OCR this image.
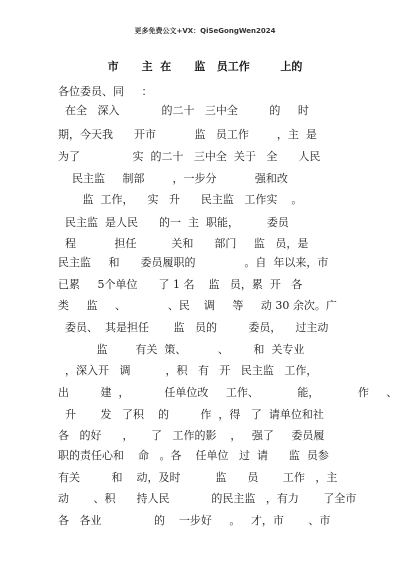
更多免费公文+VX：QiSeGongWen2024
市      主  在      监   员工作        上的
各位委员、同     ：
在全   深入            的二十   三中全         的     时
期，今天我      开市           监   员工作        ，主  是
为了               实  的二十   三中全  关于   全      人民
民主监     制部        ，一步分           强和改
监  工作，    实   升      民主监   工作实    。
民主监  是人民      的一  主  职能，        委员
程           担任          关和      部门     监   员，是
民主监     和      委员履职的              。自  年以来，市
已累     5个单位      了 1 名    监   员，累  开   各
类     监     、            、民    调     等     动 30 余次。广
委员、  其是担任       监   员的         委员，    过主动
监        有关  策、         、       和  关专业
，深入开   调          ，积   有   开   民主监   工作，
出         建  ，          任单位改     工作、           能，           作     、
升       发   了积    的         作  ，得   了  请单位和社
各   的好      ，     了   工作的影    ，   强了     委员履
职的责任心和    命   。各    任单位   过  请      监  员参
有关         和    动，及时          监      员       工作   ，主
动       、积      持人民            的民主监   ，有力       了全市
各   各业               的    一步好     。   才，市       、市
